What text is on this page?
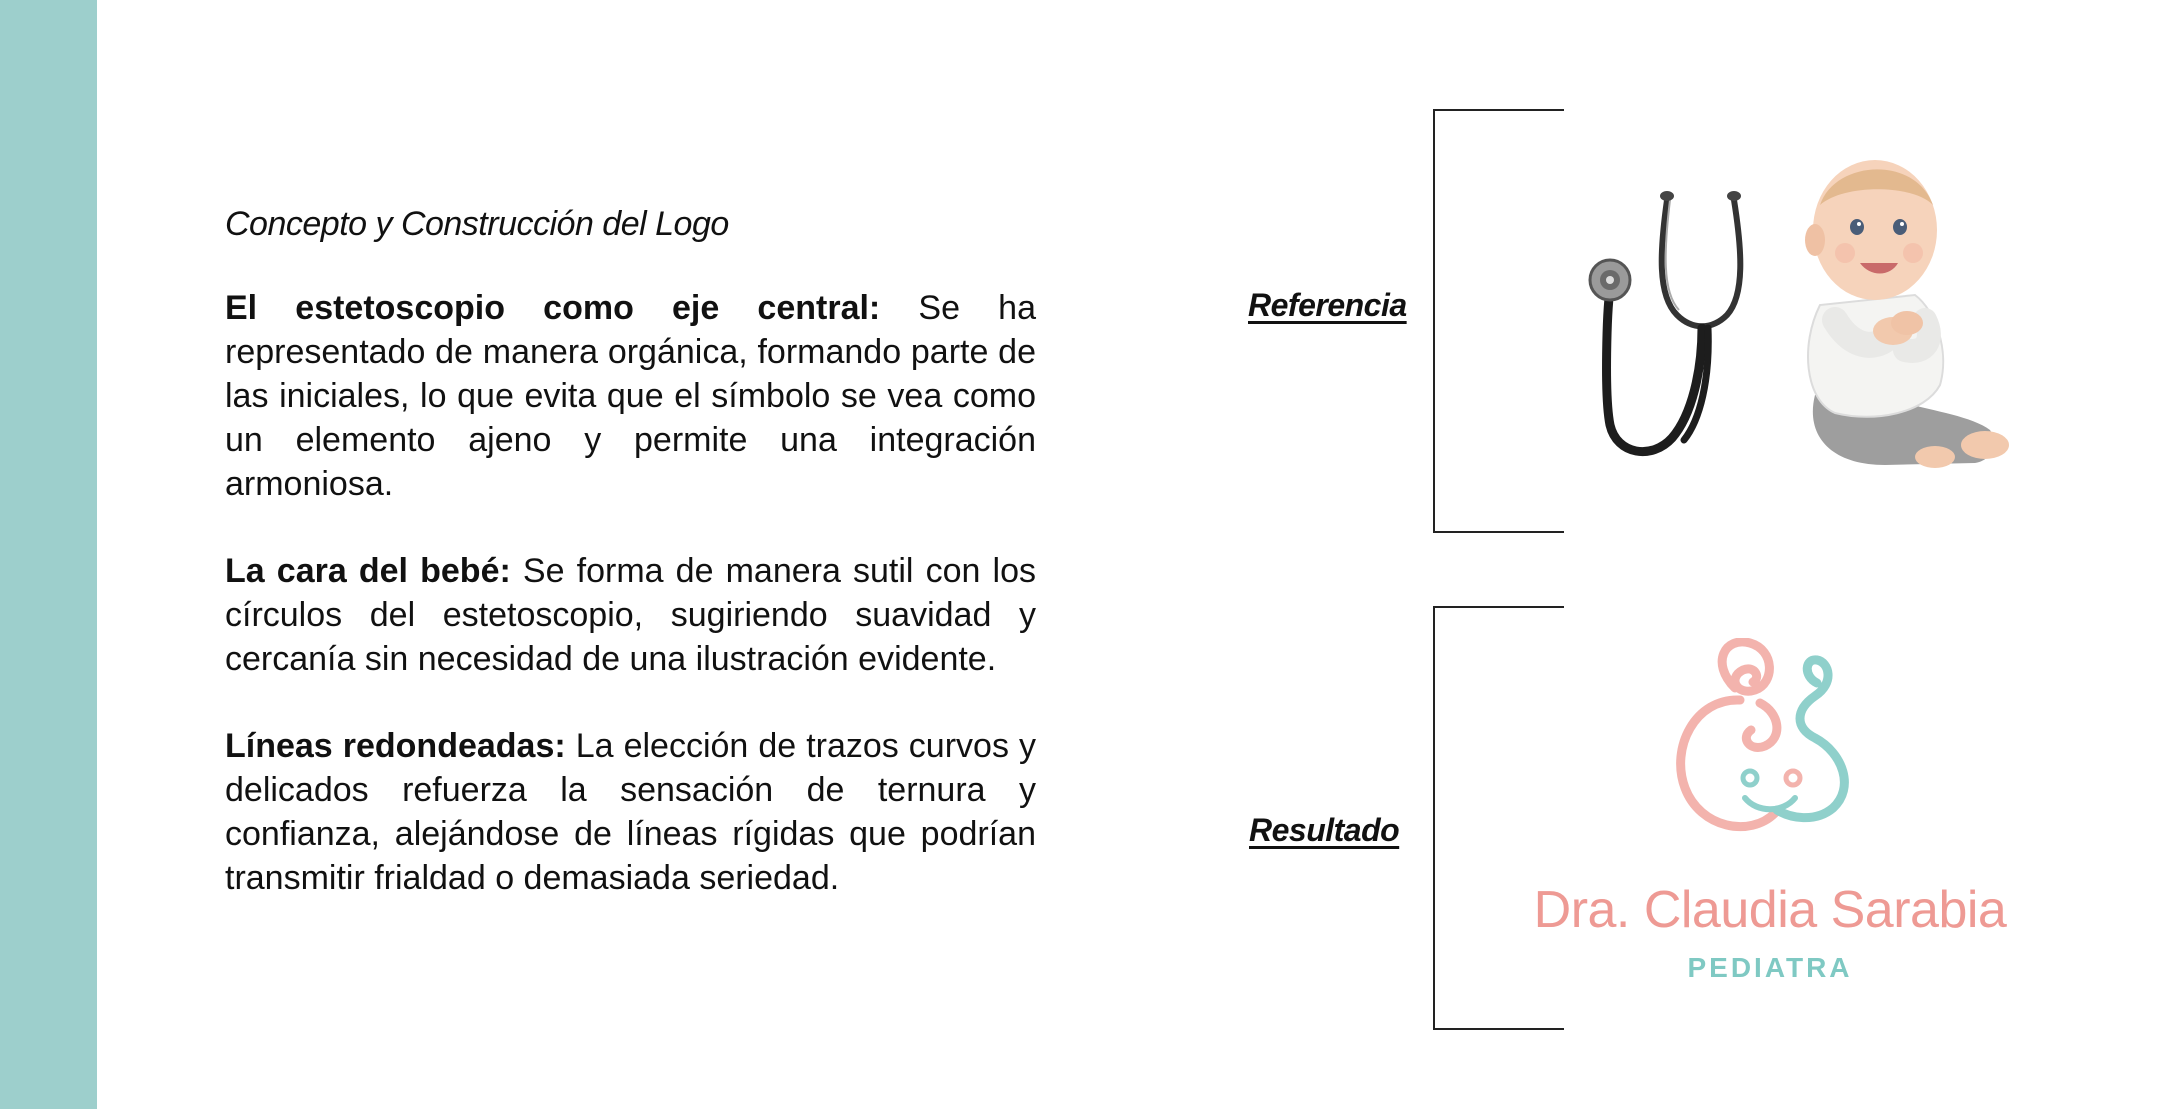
Concepto y Construcción del Logo

El estetoscopio como eje central: Se ha representado de manera orgánica, formando parte de las iniciales, lo que evita que el símbolo se vea como un elemento ajeno y permite una integración armoniosa.

La cara del bebé: Se forma de manera sutil con los círculos del estetoscopio, sugiriendo suavidad y cercanía sin necesidad de una ilustración evidente.

Líneas redondeadas: La elección de trazos curvos y delicados refuerza la sensación de ternura y confianza, alejándose de líneas rígidas que podrían transmitir frialdad o demasiada seriedad.

Referencia
Resultado
Dra. Claudia Sarabia
PEDIATRA
